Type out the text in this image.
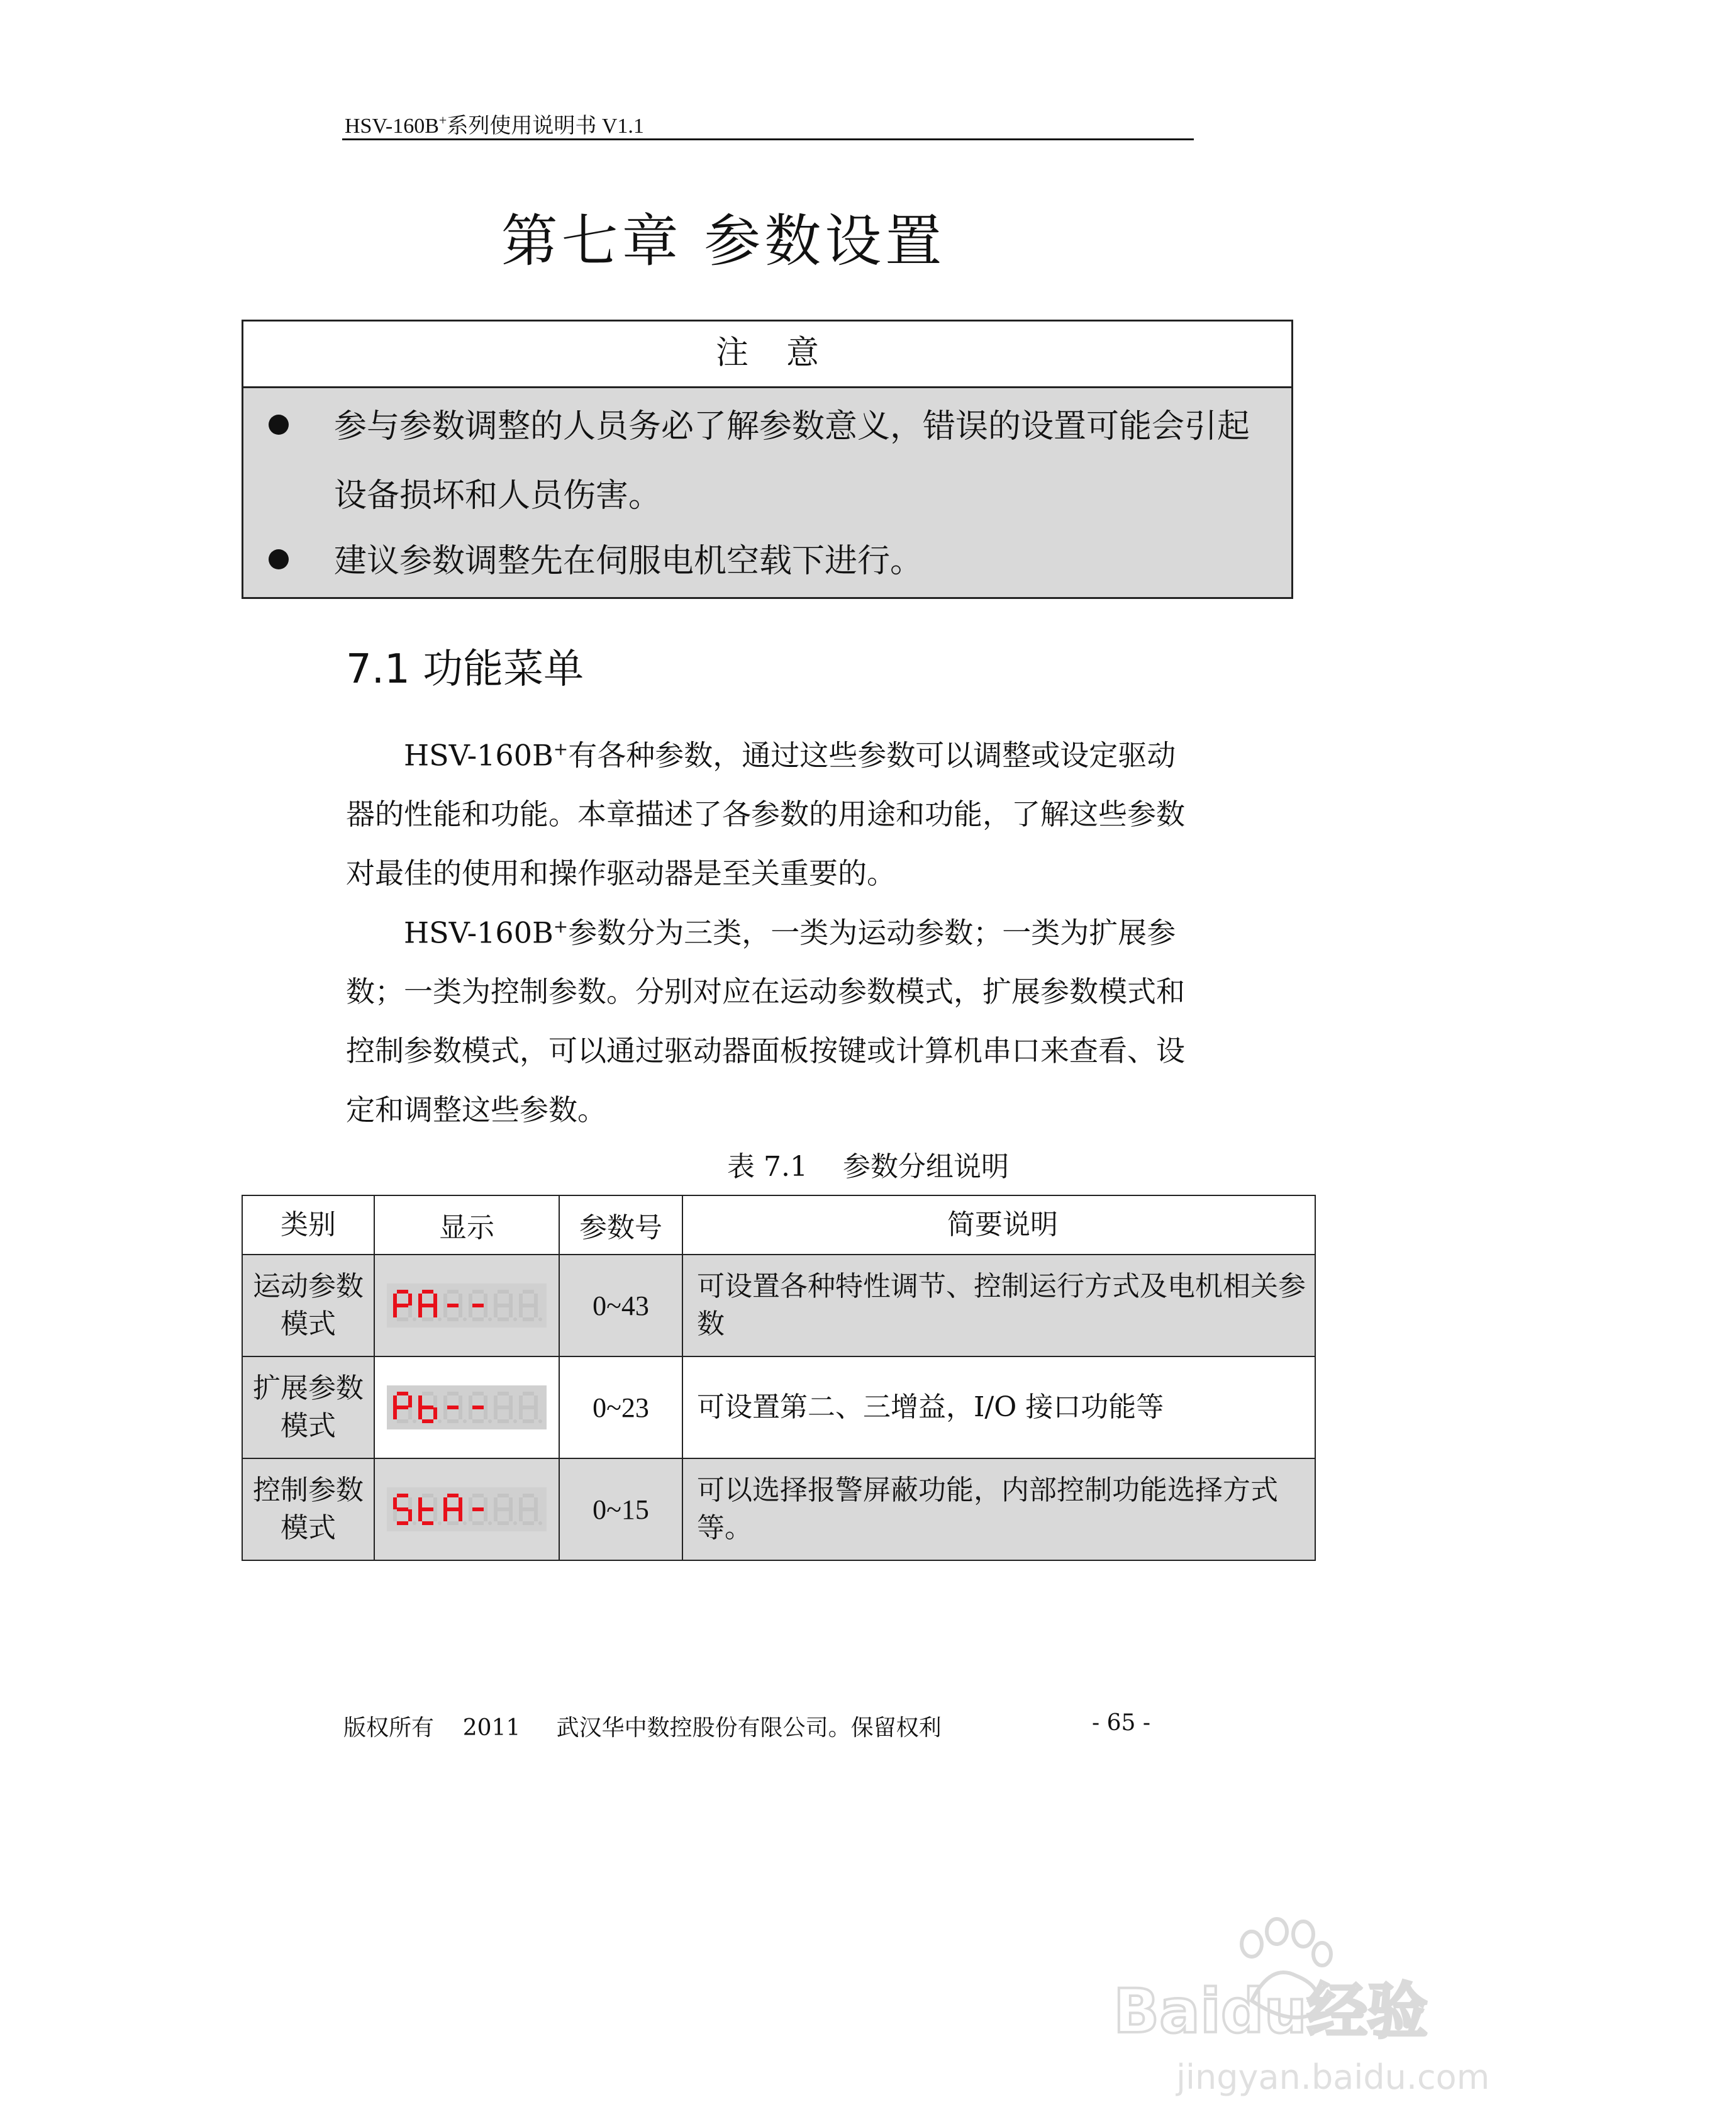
HSV-160B+系列使用说明书 V1.1
第七章 参数设置
注意
参与参数调整的人员务必了解参数意义，错误的设置可能会引起设备损坏和人员伤害。
建议参数调整先在伺服电机空载下进行。
7.1 功能菜单
HSV-160B+有各种参数，通过这些参数可以调整或设定驱动器的性能和功能。本章描述了各参数的用途和功能，了解这些参数对最佳的使用和操作驱动器是至关重要的。
HSV-160B+参数分为三类，一类为运动参数；一类为扩展参数；一类为控制参数。分别对应在运动参数模式，扩展参数模式和控制参数模式，可以通过驱动器面板按键或计算机串口来查看、设定和调整这些参数。
表 7.1    参数分组说明
类别	显示	参数号	简要说明
运动参数模式		0~43	可设置各种特性调节、控制运行方式及电机相关参数
扩展参数模式		0~23	可设置第二、三增益，I/O 接口功能等
控制参数模式		0~15	可以选择报警屏蔽功能，内部控制功能选择方式等。
版权所有    2011     武汉华中数控股份有限公司。保留权利	- 65 -
Baidu经验
jingyan.baidu.com
